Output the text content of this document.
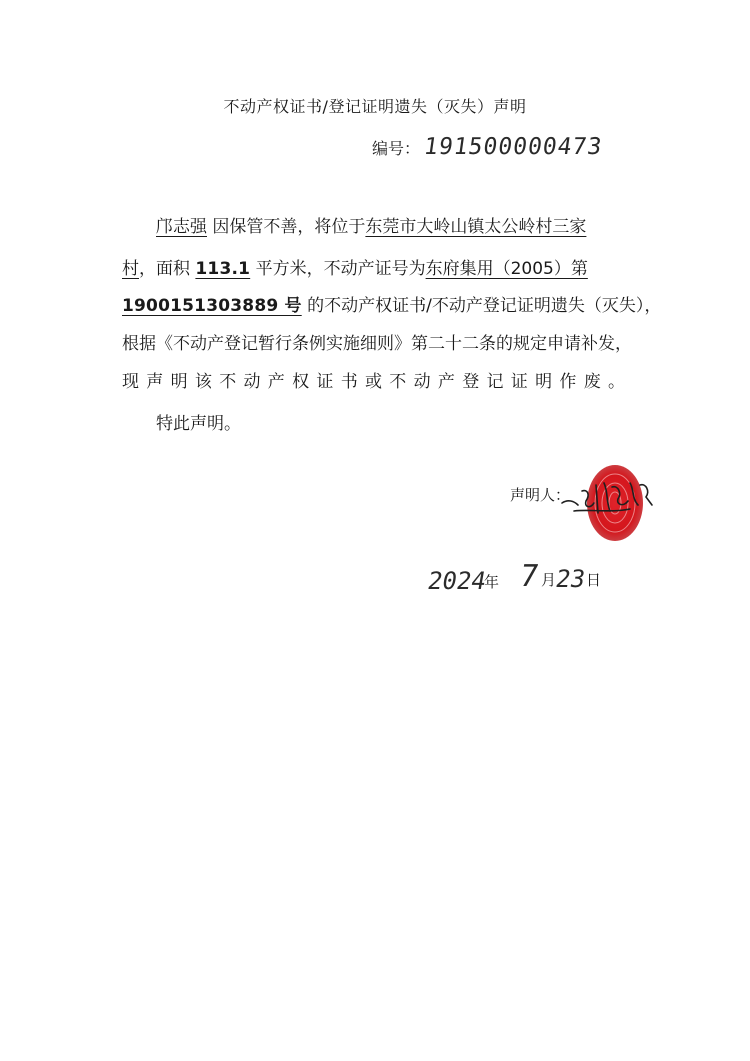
不动产权证书/登记证明遗失（灭失）声明
编号： 191500000473
邝志强 因保管不善，将位于东莞市大岭山镇太公岭村三家
村，面积 113.1 平方米，不动产证号为东府集用（2005）第
1900151303889 号 的不动产权证书/不动产登记证明遗失（灭失），
根据《不动产登记暂行条例实施细则》第二十二条的规定申请补发，
现声明该不动产权证书或不动产登记证明作废。
特此声明。
声明人：
2024
年 7 月
23
日
